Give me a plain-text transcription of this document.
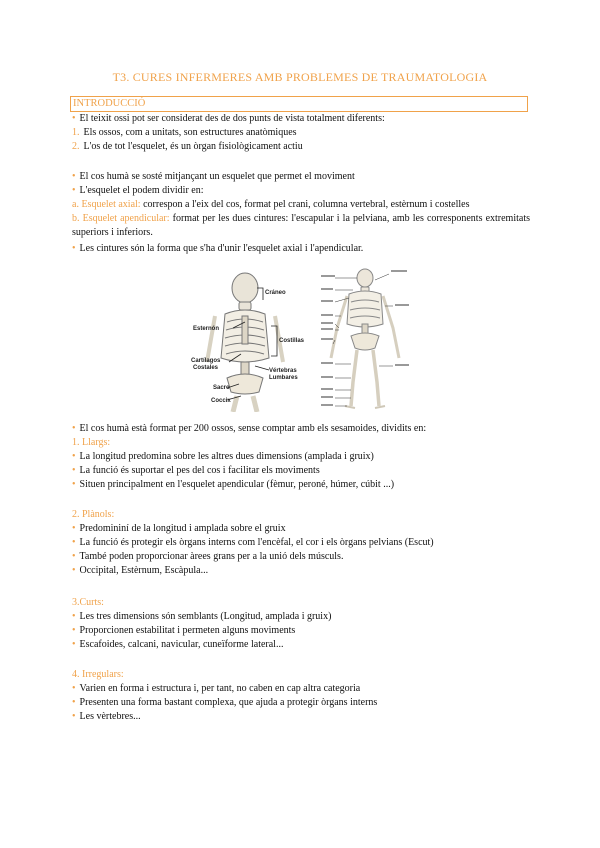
T3. CURES INFERMERES AMB PROBLEMES DE TRAUMATOLOGIA
INTRODUCCIÓ
• El teixit ossi pot ser considerat des de dos punts de vista totalment diferents:
1. Els ossos, com a unitats, son estructures anatòmiques
2. L'os de tot l'esquelet, és un òrgan fisiològicament actiu
• El cos humà se sosté mitjançant un esquelet que permet el moviment
• L'esquelet el podem dividir en:
a. Esquelet axial: correspon a l'eix del cos, format pel crani, columna vertebral, estèrnum i costelles
b. Esquelet apendicular: format per les dues cintures: l'escapular i la pelviana, amb les corresponents extremitats superiors i inferiors.
• Les cintures són la forma que s'ha d'unir l'esquelet axial i l'apendicular.
Cráneo
Esternón
Costillas
Cartílagos
Costales	Vértebras
Lumbares
Sacro
Coccix
• El cos humà està format per 200 ossos, sense comptar amb els sesamoides, dividits en:
1. Llargs:
• La longitud predomina sobre les altres dues dimensions (amplada i gruix)
• La funció és suportar el pes del cos i facilitar els moviments
• Situen principalment en l'esquelet apendicular (fèmur, peroné, húmer, cúbit ...)
2. Plànols:
• Predomininí de la longitud i amplada sobre el gruix
• La funció és protegir els òrgans interns com l'encèfal, el cor i els òrgans pelvians (Escut)
• També poden proporcionar àrees grans per a la unió dels músculs.
• Occipital, Estèrnum, Escàpula...
3.Curts:
• Les tres dimensions són semblants (Longitud, amplada i gruix)
• Proporcionen estabilitat i permeten alguns moviments
• Escafoides, calcani, navicular, cuneïforme lateral...
4. Irregulars:
• Varien en forma i estructura i, per tant, no caben en cap altra categoria
• Presenten una forma bastant complexa, que ajuda a protegir òrgans interns
• Les vèrtebres...
